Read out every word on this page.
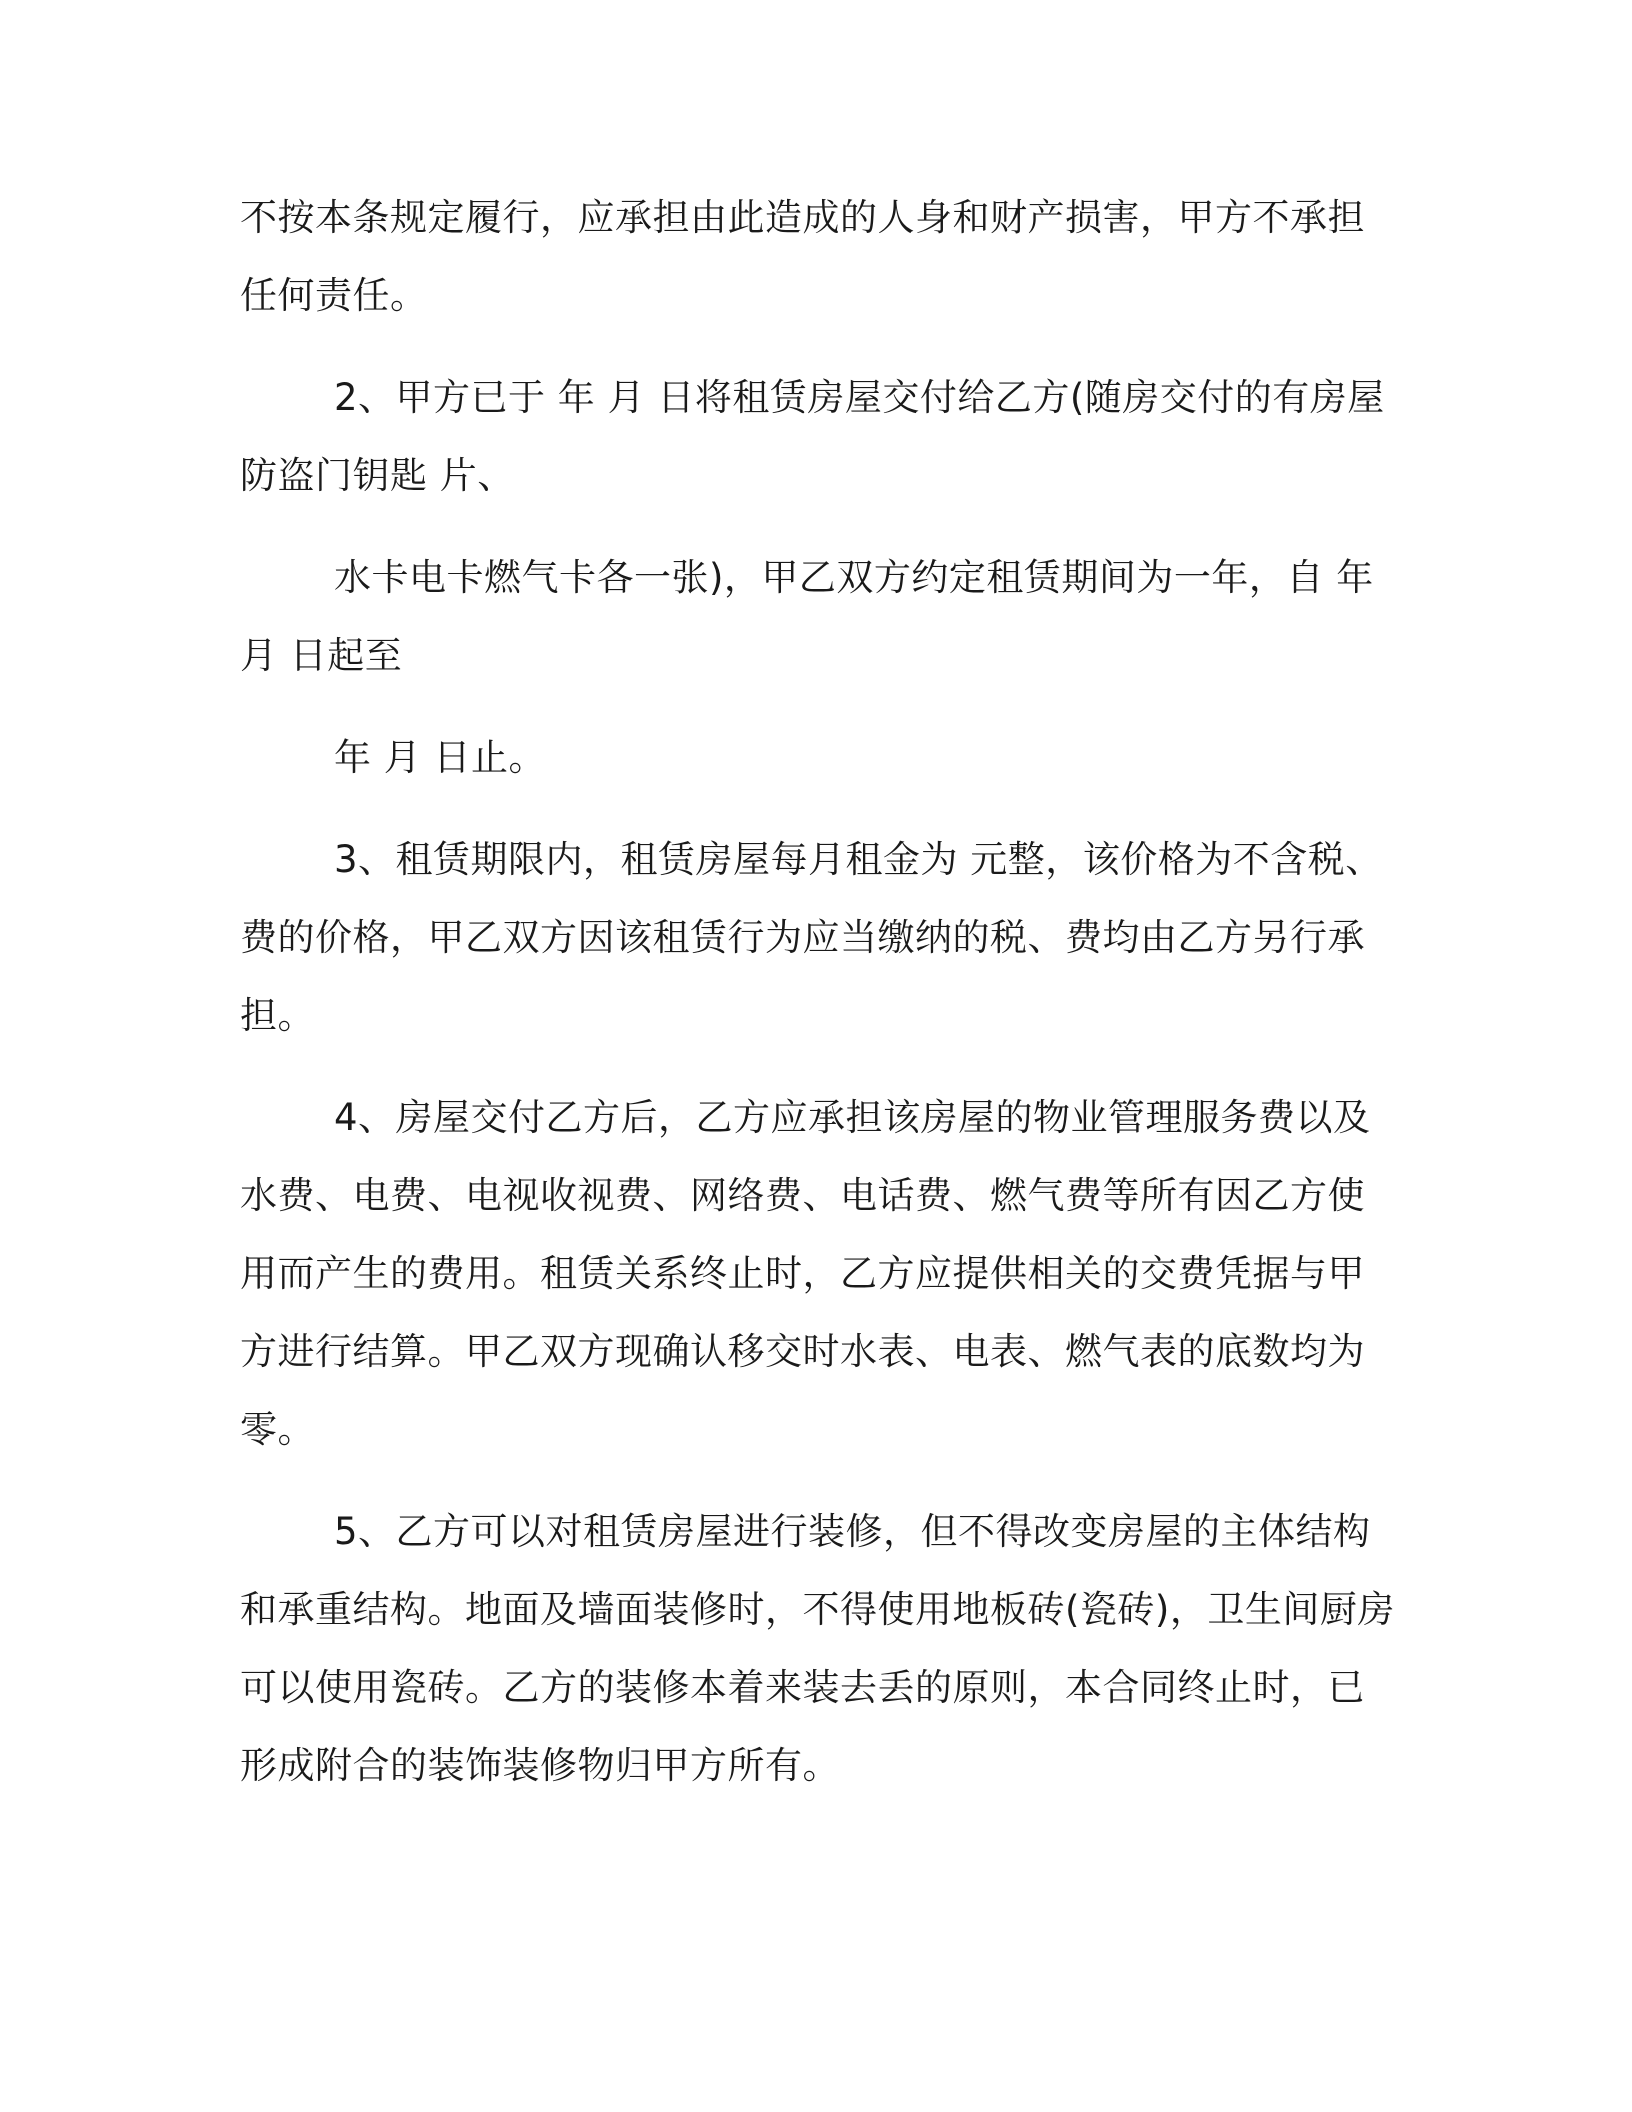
不按本条规定履行，应承担由此造成的人身和财产损害，甲方不承担
任何责任。
2、甲方已于 年 月 日将租赁房屋交付给乙方(随房交付的有房屋
防盗门钥匙 片、
水卡电卡燃气卡各一张)，甲乙双方约定租赁期间为一年，自 年
月 日起至
年 月 日止。
3、租赁期限内，租赁房屋每月租金为 元整，该价格为不含税、
费的价格，甲乙双方因该租赁行为应当缴纳的税、费均由乙方另行承
担。
4、房屋交付乙方后，乙方应承担该房屋的物业管理服务费以及
水费、电费、电视收视费、网络费、电话费、燃气费等所有因乙方使
用而产生的费用。租赁关系终止时，乙方应提供相关的交费凭据与甲
方进行结算。甲乙双方现确认移交时水表、电表、燃气表的底数均为
零。
5、乙方可以对租赁房屋进行装修，但不得改变房屋的主体结构
和承重结构。地面及墙面装修时，不得使用地板砖(瓷砖)，卫生间厨房
可以使用瓷砖。乙方的装修本着来装去丢的原则，本合同终止时，已
形成附合的装饰装修物归甲方所有。
